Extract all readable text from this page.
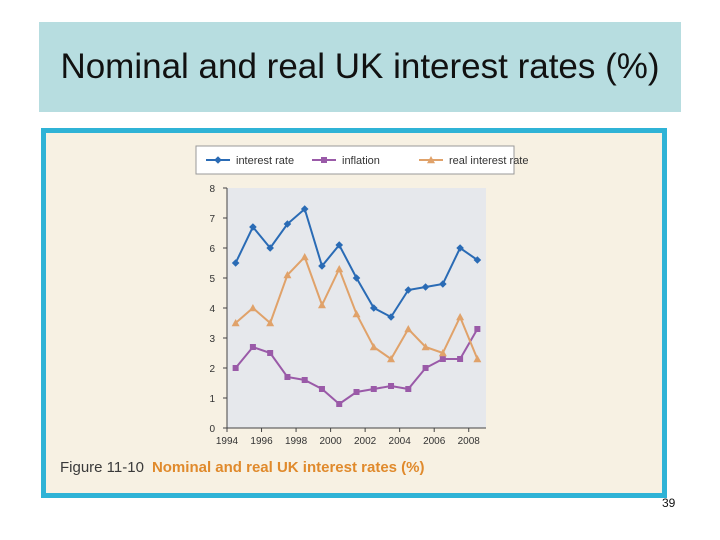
Nominal and real UK interest rates (%)
interest rate	inflation	real interest rate
0
1
2
3
4
5
6
7
8
1994 1996 1998 2000 2002 2004 2006 2008
Figure 11-10 Nominal and real UK interest rates (%)
39
